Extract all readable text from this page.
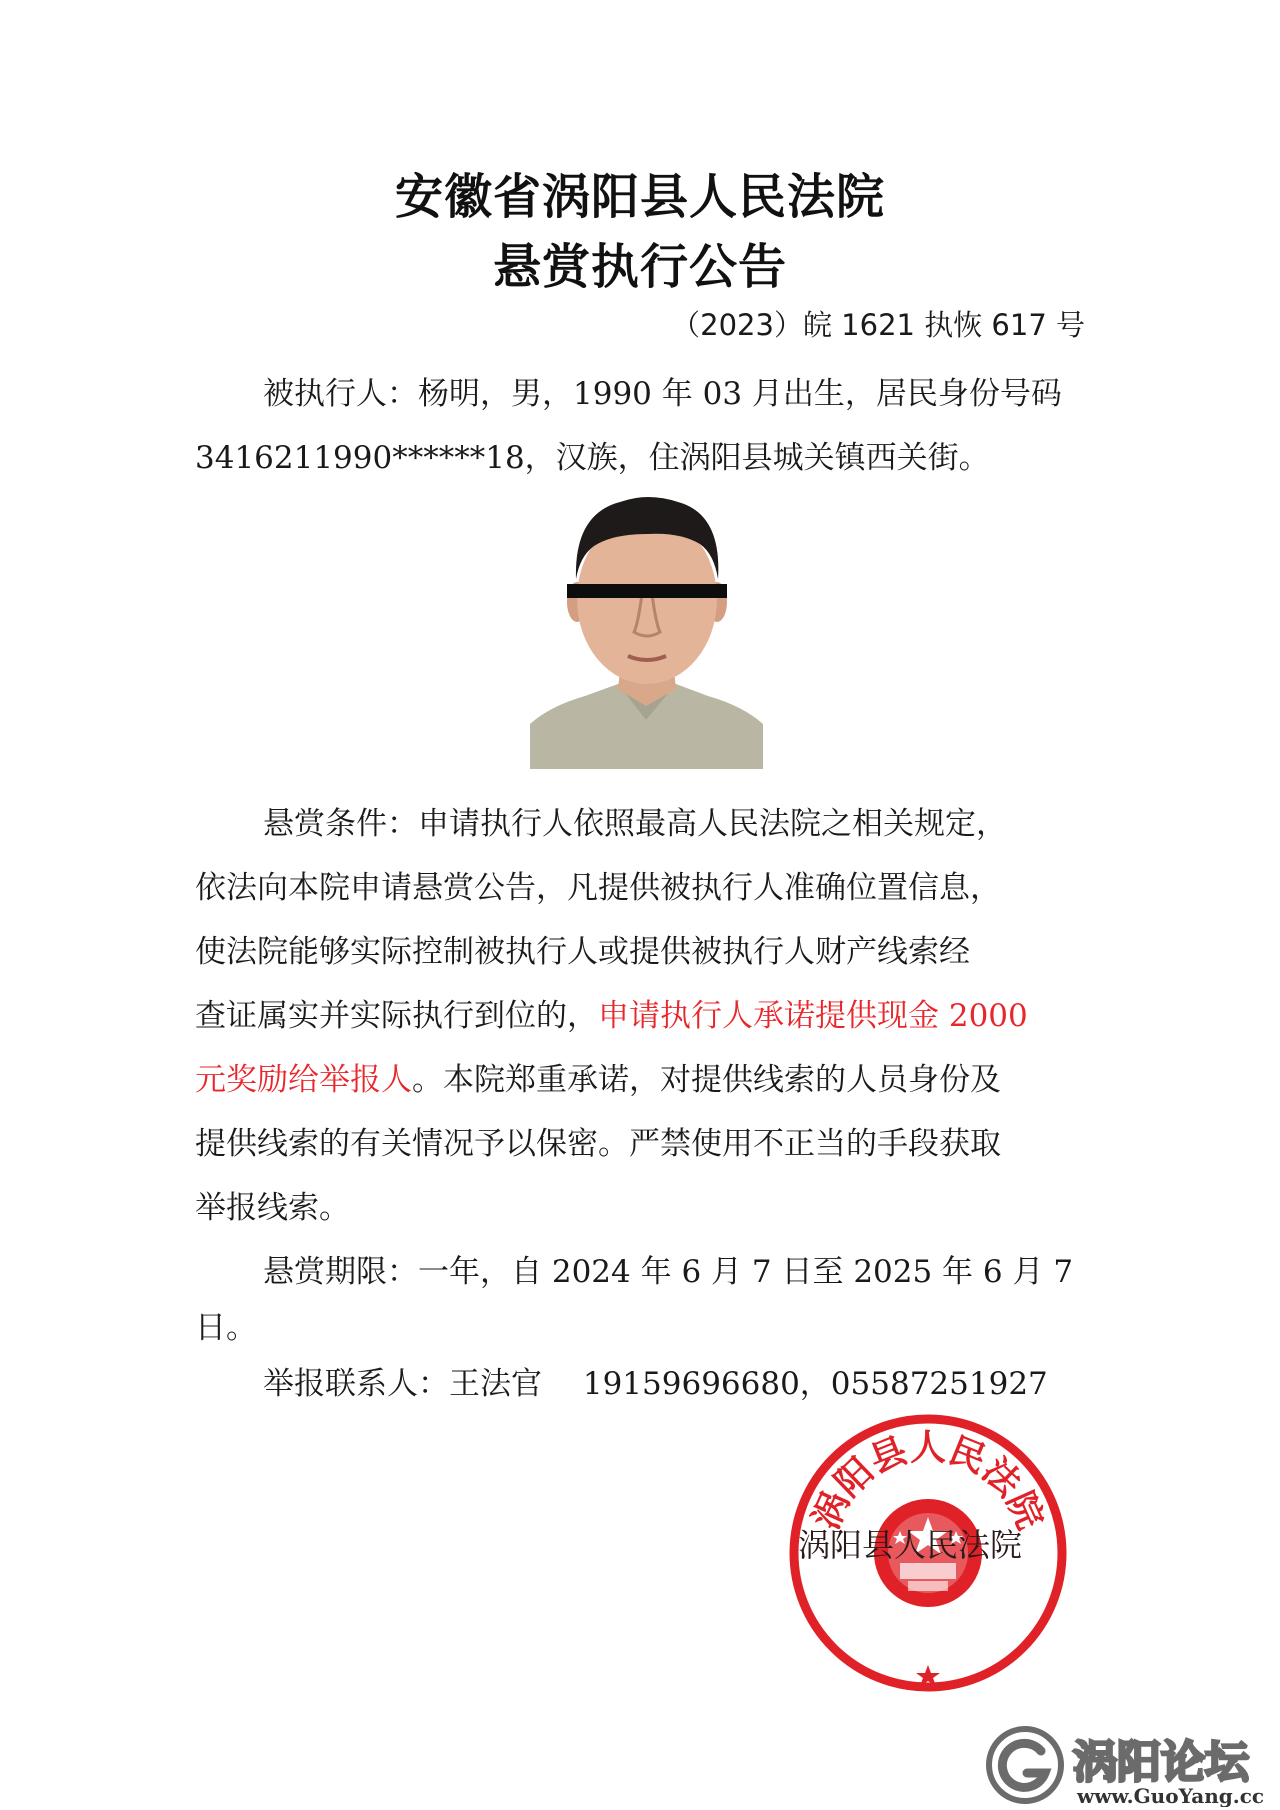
安徽省涡阳县人民法院
悬赏执行公告
（2023）皖 1621 执恢 617 号
被执行人：杨明，男，1990 年 03 月出生，居民身份号码
3416211990******18，汉族，住涡阳县城关镇西关街。
悬赏条件：申请执行人依照最高人民法院之相关规定，
依法向本院申请悬赏公告，凡提供被执行人准确位置信息，
使法院能够实际控制被执行人或提供被执行人财产线索经
查证属实并实际执行到位的，申请执行人承诺提供现金 2000
元奖励给举报人。本院郑重承诺，对提供线索的人员身份及
提供线索的有关情况予以保密。严禁使用不正当的手段获取
举报线索。
悬赏期限：一年，自 2024 年 6 月 7 日至 2025 年 6 月 7
日。
举报联系人：王法官　 19159696680，05587251927
涡阳县人民法院
涡阳县人民法院
涡阳论坛
www.GuoYang.cc
